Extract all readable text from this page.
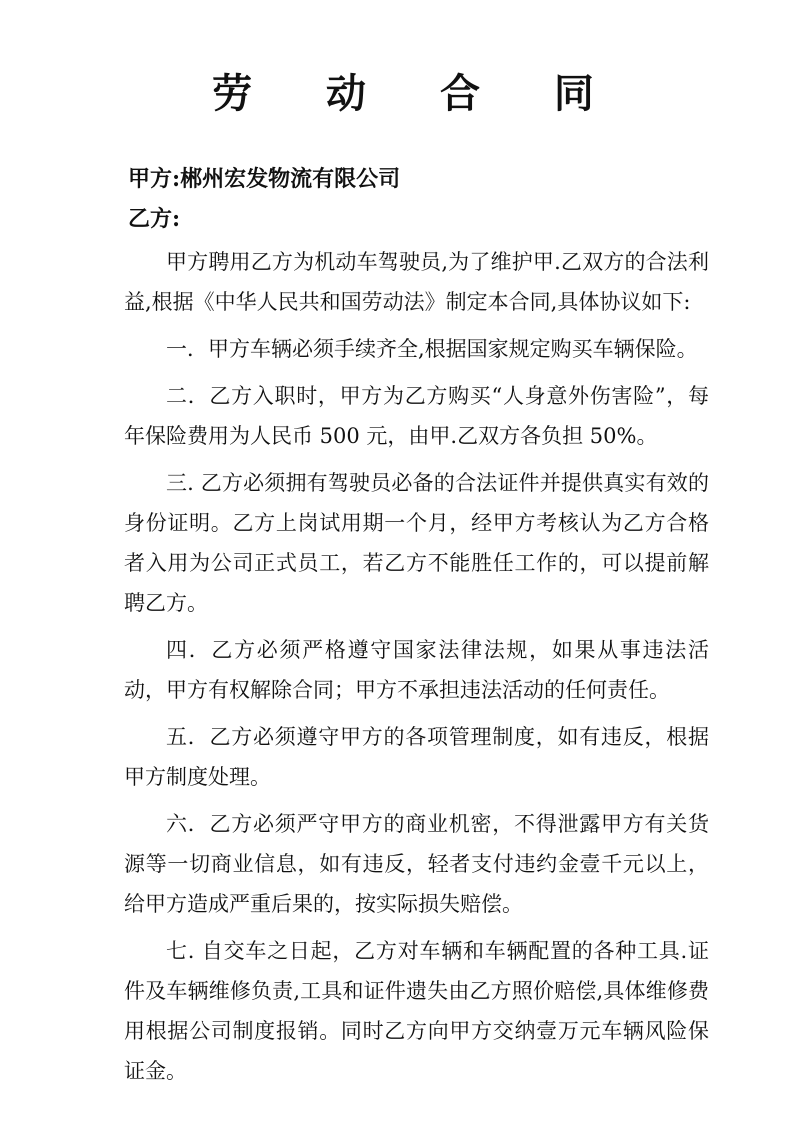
劳 动 合 同
甲方:郴州宏发物流有限公司
乙方:

甲方聘用乙方为机动车驾驶员,为了维护甲.乙双方的合法利益,根据《中华人民共和国劳动法》制定本合同,具体协议如下:

一．甲方车辆必须手续齐全,根据国家规定购买车辆保险。

二．乙方入职时，甲方为乙方购买“人身意外伤害险”，每年保险费用为人民币 500 元，由甲.乙双方各负担 50%。

三. 乙方必须拥有驾驶员必备的合法证件并提供真实有效的身份证明。乙方上岗试用期一个月，经甲方考核认为乙方合格者入用为公司正式员工，若乙方不能胜任工作的，可以提前解聘乙方。

四．乙方必须严格遵守国家法律法规，如果从事违法活动，甲方有权解除合同；甲方不承担违法活动的任何责任。

五．乙方必须遵守甲方的各项管理制度，如有违反，根据甲方制度处理。

六．乙方必须严守甲方的商业机密，不得泄露甲方有关货源等一切商业信息，如有违反，轻者支付违约金壹千元以上，给甲方造成严重后果的，按实际损失赔偿。

七. 自交车之日起，乙方对车辆和车辆配置的各种工具.证件及车辆维修负责,工具和证件遗失由乙方照价赔偿,具体维修费用根据公司制度报销。同时乙方向甲方交纳壹万元车辆风险保证金。
